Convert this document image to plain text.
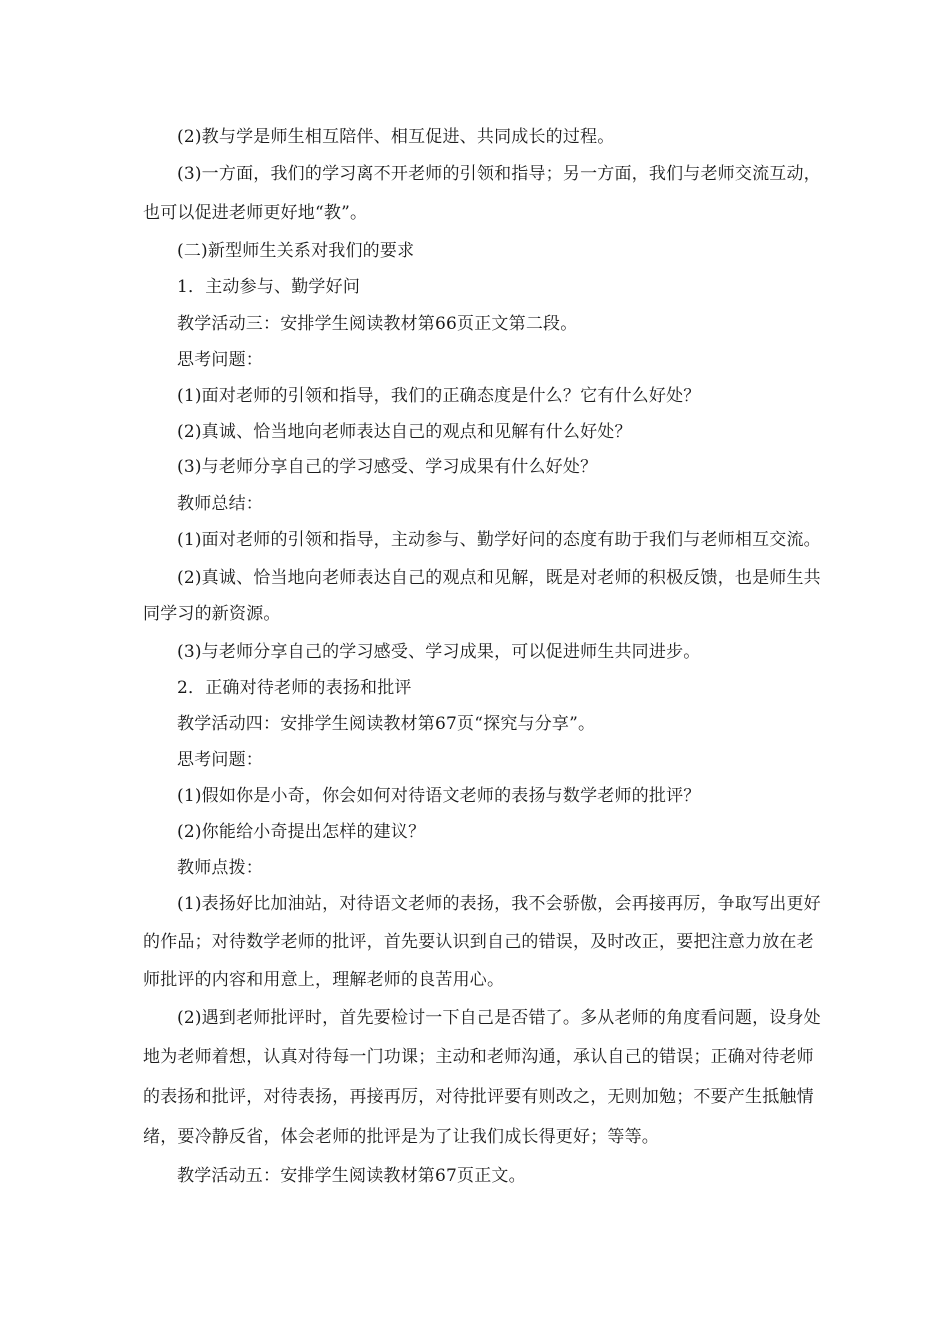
(2)教与学是师生相互陪伴、相互促进、共同成长的过程。
(3)一方面，我们的学习离不开老师的引领和指导；另一方面，我们与老师交流互动，
也可以促进老师更好地“教”。
(二)新型师生关系对我们的要求
1．主动参与、勤学好问
教学活动三：安排学生阅读教材第66页正文第二段。
思考问题：
(1)面对老师的引领和指导，我们的正确态度是什么？它有什么好处？
(2)真诚、恰当地向老师表达自己的观点和见解有什么好处？
(3)与老师分享自己的学习感受、学习成果有什么好处？
教师总结：
(1)面对老师的引领和指导，主动参与、勤学好问的态度有助于我们与老师相互交流。
(2)真诚、恰当地向老师表达自己的观点和见解，既是对老师的积极反馈，也是师生共
同学习的新资源。
(3)与老师分享自己的学习感受、学习成果，可以促进师生共同进步。
2．正确对待老师的表扬和批评
教学活动四：安排学生阅读教材第67页“探究与分享”。
思考问题：
(1)假如你是小奇，你会如何对待语文老师的表扬与数学老师的批评？
(2)你能给小奇提出怎样的建议？
教师点拨：
(1)表扬好比加油站，对待语文老师的表扬，我不会骄傲，会再接再厉，争取写出更好
的作品；对待数学老师的批评，首先要认识到自己的错误，及时改正，要把注意力放在老
师批评的内容和用意上，理解老师的良苦用心。
(2)遇到老师批评时，首先要检讨一下自己是否错了。多从老师的角度看问题，设身处
地为老师着想，认真对待每一门功课；主动和老师沟通，承认自己的错误；正确对待老师
的表扬和批评，对待表扬，再接再厉，对待批评要有则改之，无则加勉；不要产生抵触情
绪，要冷静反省，体会老师的批评是为了让我们成长得更好；等等。
教学活动五：安排学生阅读教材第67页正文。
